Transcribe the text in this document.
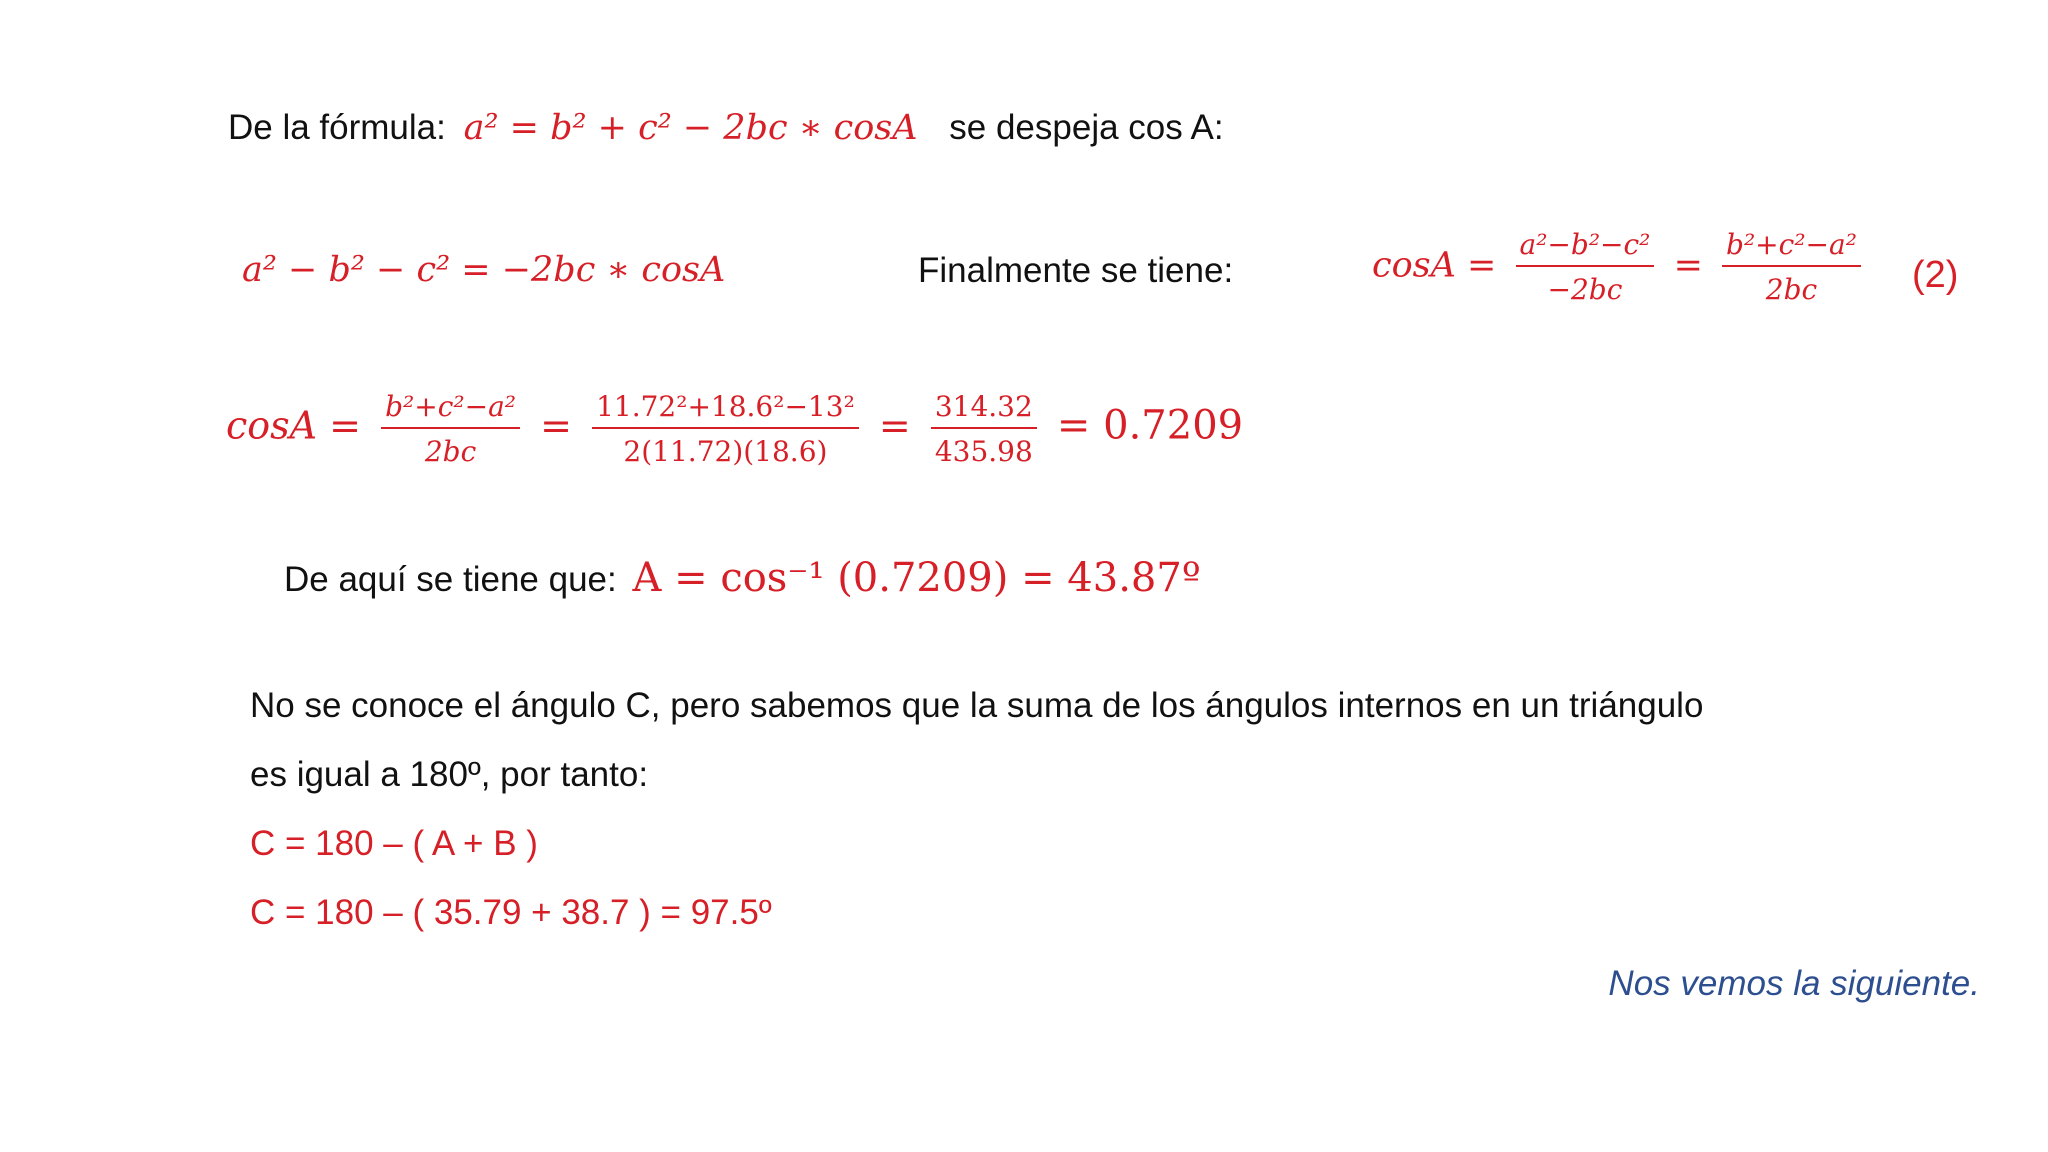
De la fórmula: a² = b² + c² − 2bc ∗ cosA se despeja cos A:
a² − b² − c² = −2bc ∗ cosA	Finalmente se tiene:	$\cos A = \frac{\text{a²−b²−c²}}{-2bc} = \frac{\text{b²+c²−a²}}{2bc} (2)$
$\cos A = \frac{\text{b²+c²−a²}}{2bc} = \frac{\text{11.72²+18.6²−13²}}{2(11.72)(18.6)} = \frac{314.32}{435.98} = 0.7209$
De aquí se tiene que: A = cos⁻¹ (0.7209) = 43.87º
No se conoce el ángulo C, pero sabemos que la suma de los ángulos internos en un triángulo
es igual a 180º, por tanto:
C = 180 – ( A + B )
C = 180 – ( 35.79 + 38.7 ) = 97.5º
Nos vemos la siguiente.
